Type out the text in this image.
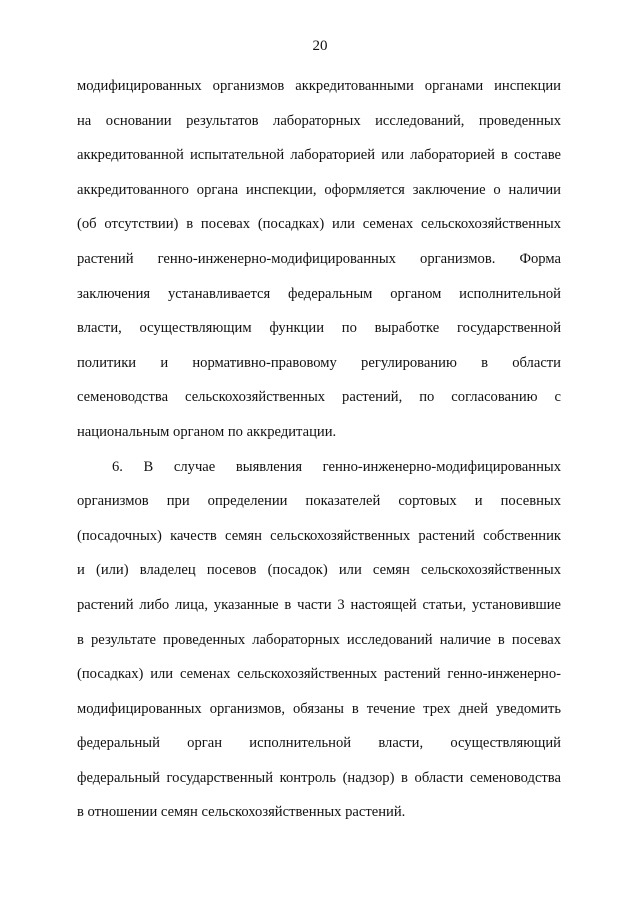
20
модифицированных организмов аккредитованными органами инспекции
на основании результатов лабораторных исследований, проведенных
аккредитованной испытательной лабораторией или лабораторией в составе
аккредитованного органа инспекции, оформляется заключение о наличии
(об отсутствии) в посевах (посадках) или семенах сельскохозяйственных
растений генно-инженерно-модифицированных организмов. Форма
заключения устанавливается федеральным органом исполнительной
власти, осуществляющим функции по выработке государственной
политики и нормативно-правовому регулированию в области
семеноводства сельскохозяйственных растений, по согласованию с
национальным органом по аккредитации.
6. В случае выявления генно-инженерно-модифицированных
организмов при определении показателей сортовых и посевных
(посадочных) качеств семян сельскохозяйственных растений собственник
и (или) владелец посевов (посадок) или семян сельскохозяйственных
растений либо лица, указанные в части 3 настоящей статьи, установившие
в результате проведенных лабораторных исследований наличие в посевах
(посадках) или семенах сельскохозяйственных растений генно-инженерно-
модифицированных организмов, обязаны в течение трех дней уведомить
федеральный орган исполнительной власти, осуществляющий
федеральный государственный контроль (надзор) в области семеноводства
в отношении семян сельскохозяйственных растений.
